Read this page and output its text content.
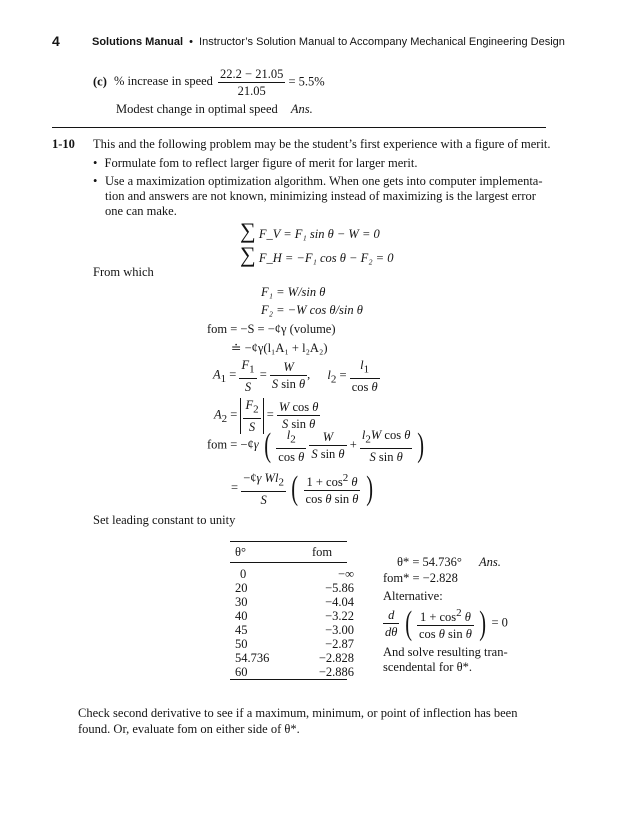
4	Solutions Manual • Instructor’s Solution Manual to Accompany Mechanical Engineering Design
(c) % increase in speed $\frac{22.2 - 21.05}{21.05} = 5.5\%$
Modest change in optimal speed Ans.
1-10 This and the following problem may be the student’s first experience with a figure of merit.
• Formulate fom to reflect larger figure of merit for larger merit.
• Use a maximization optimization algorithm. When one gets into computer implementa-
tion and answers are not known, minimizing instead of maximizing is the largest error
one can make.
∑ F_V = F₁ sin θ − W = 0
∑ F_H = −F₁ cos θ − F₂ = 0
From which
F₁ = W/sin θ
F₂ = −W cos θ/sin θ
fom = −S = −¢γ (volume)
≐ −¢γ(l₁A₁ + l₂A₂)
$A_1 = \frac{F_1}{S} = \frac{W}{\text{S sin θ}}$ , $l_2 = \frac{l_1}{\text{cos θ}}$
$A_2 = \frac{F_2}{S} = \frac{\text{W cos θ}}{\text{S sin θ}}$
fom = −¢γ ( $\frac{l_2}{\text{cos θ}}$
$\frac{W}{\text{S sin θ}} + \frac{l_2W \cos \theta}{\text{S sin θ}}$ )
= $\frac{-¢\gamma Wl_2}{S}$ ( $\frac{1 + \cos^2 \theta}{\text{cos θ sin θ}}$ )
Set leading constant to unity
θ°	fom

0	−∞
20	−5.86
30	−4.04
40	−3.22
45	−3.00
50	−2.87
54.736	−2.828
60	−2.886
θ* = 54.736° Ans.
fom* = −2.828
Alternative:
$\frac{d}{d\theta}$ ( $\frac{1 + \cos^2 \theta}{\text{cos θ sin θ}}$ ) = 0
And solve resulting tran-
scendental for θ*.
Check second derivative to see if a maximum, minimum, or point of inflection has been
found. Or, evaluate fom on either side of θ*.
